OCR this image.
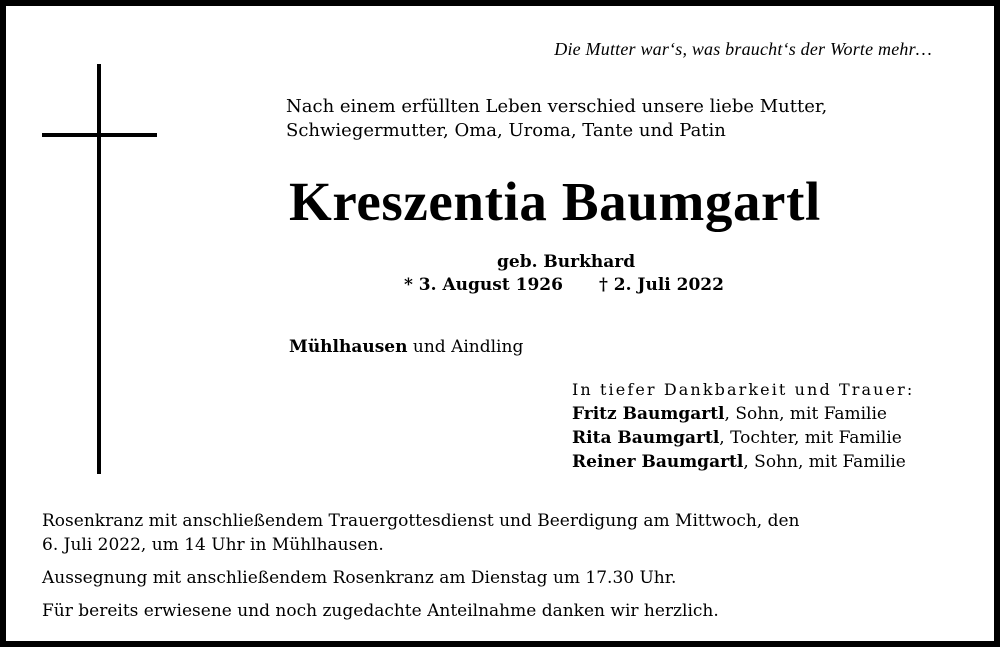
Die Mutter war‘s, was braucht‘s der Worte mehr…
Nach einem erfüllten Leben verschied unsere liebe Mutter,
Schwiegermutter, Oma, Uroma, Tante und Patin
Kreszentia Baumgartl
geb. Burkhard
* 3. August 1926 † 2. Juli 2022
Mühlhausen und Aindling
In tiefer Dankbarkeit und Trauer:
Fritz Baumgartl, Sohn, mit Familie
Rita Baumgartl, Tochter, mit Familie
Reiner Baumgartl, Sohn, mit Familie

Rosenkranz mit anschließendem Trauergottesdienst und Beerdigung am Mittwoch, den
6. Juli 2022, um 14 Uhr in Mühlhausen.

Aussegnung mit anschließendem Rosenkranz am Dienstag um 17.30 Uhr.

Für bereits erwiesene und noch zugedachte Anteilnahme danken wir herzlich.
